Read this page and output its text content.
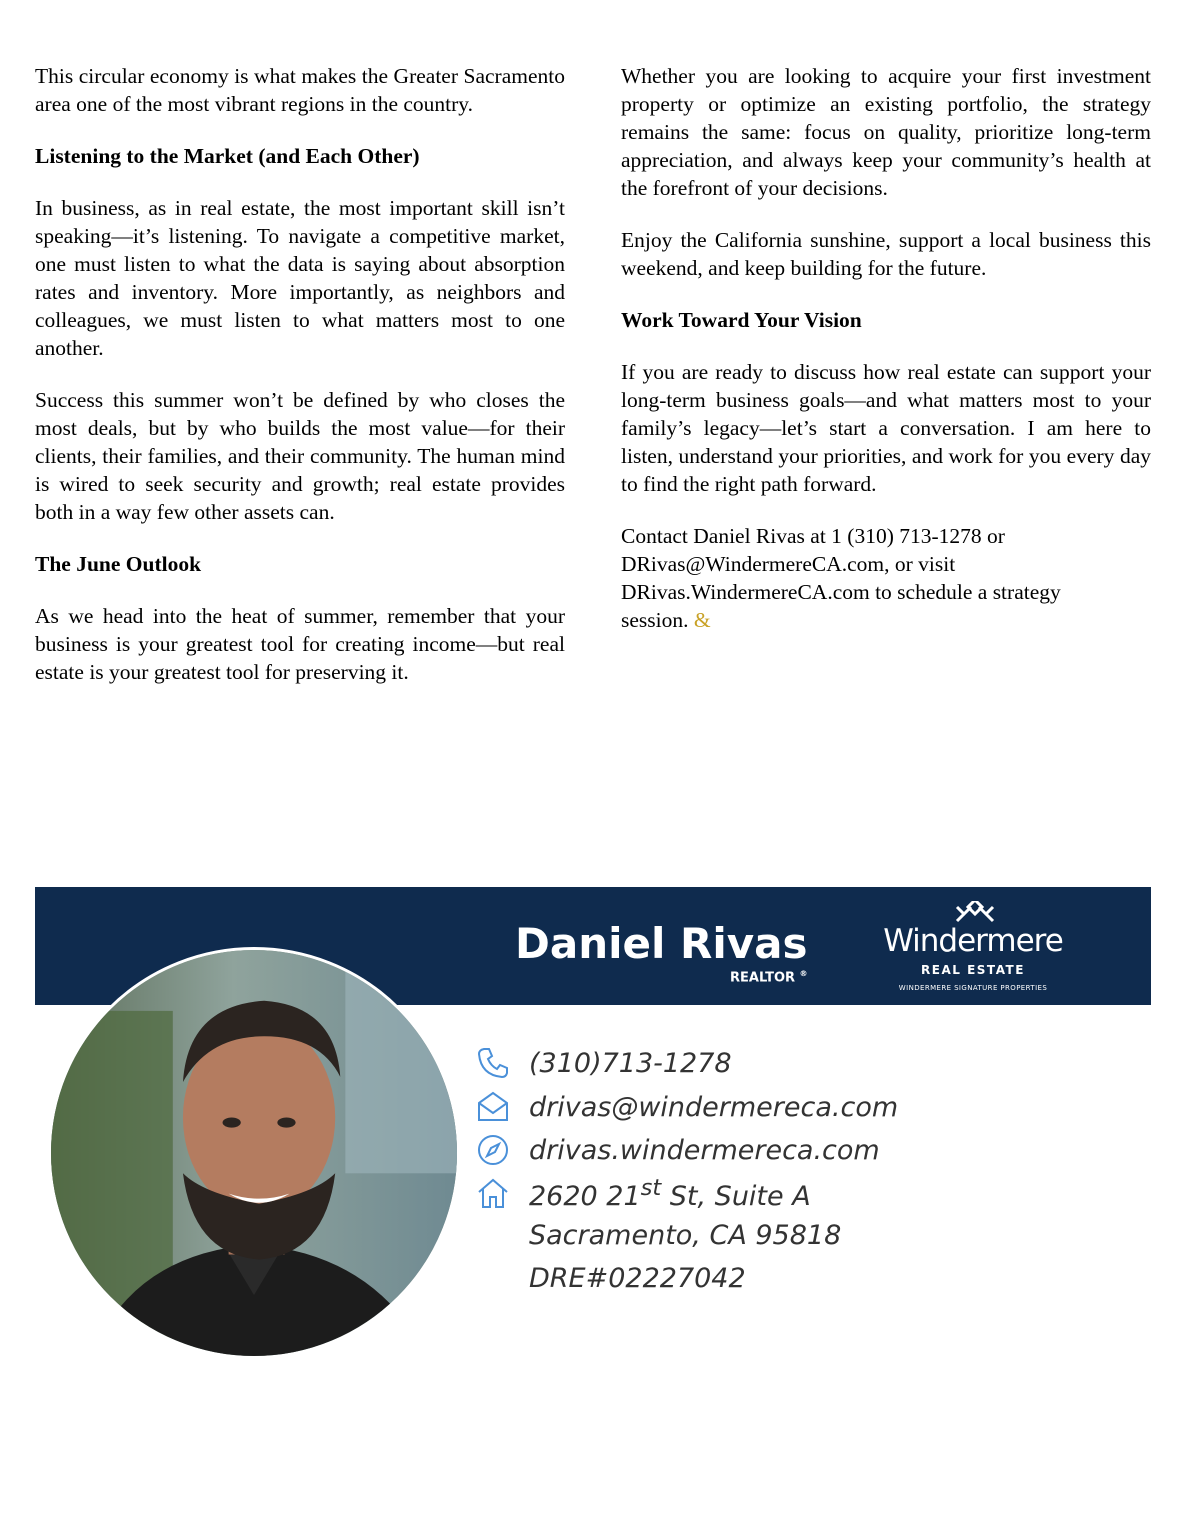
This circular economy is what makes the Greater Sacramento area one of the most vibrant regions in the country.

Listening to the Market (and Each Other)

In business, as in real estate, the most important skill isn’t speaking—it’s listening. To navigate a competitive market, one must listen to what the data is saying about absorption rates and inventory. More importantly, as neighbors and colleagues, we must listen to what matters most to one another.

Success this summer won’t be defined by who closes the most deals, but by who builds the most value—for their clients, their families, and their community. The human mind is wired to seek security and growth; real estate provides both in a way few other assets can.

The June Outlook

As we head into the heat of summer, remember that your business is your greatest tool for creating income—but real estate is your greatest tool for preserving it.

Whether you are looking to acquire your first investment property or optimize an existing portfolio, the strategy remains the same: focus on quality, prioritize long-term appreciation, and always keep your community’s health at the forefront of your decisions.

Enjoy the California sunshine, support a local business this weekend, and keep building for the future.

Work Toward Your Vision

If you are ready to discuss how real estate can support your long-term business goals—and what matters most to your family’s legacy—let’s start a conversation. I am here to listen, understand your priorities, and work for you every day to find the right path forward.

Contact Daniel Rivas at 1 (310) 713-1278 or
DRivas@WindermereCA.com, or visit
DRivas.WindermereCA.com to schedule a strategy
session. &
Daniel Rivas
REALTOR ®
Windermere
REAL ESTATE
WINDERMERE SIGNATURE PROPERTIES
(310)713-1278
drivas@windermereca.com
drivas.windermereca.com
2620 21st St, Suite A
Sacramento, CA 95818
DRE#02227042
